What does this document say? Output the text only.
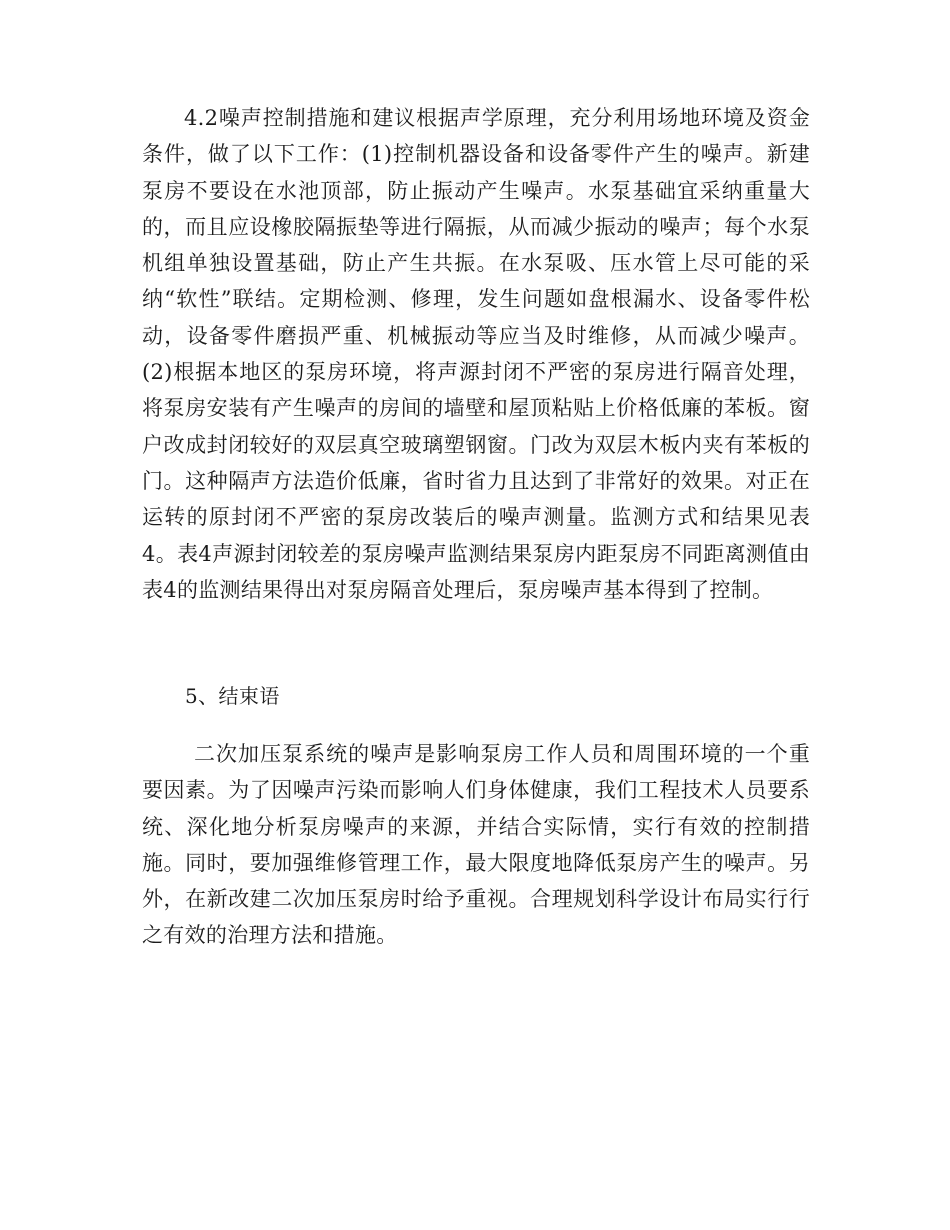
4.2噪声控制措施和建议根据声学原理，充分利用场地环境及资金条件，做了以下工作：(1)控制机器设备和设备零件产生的噪声。新建泵房不要设在水池顶部，防止振动产生噪声。水泵基础宜采纳重量大的，而且应设橡胶隔振垫等进行隔振，从而减少振动的噪声；每个水泵机组单独设置基础，防止产生共振。在水泵吸、压水管上尽可能的采纳“软性”联结。定期检测、修理，发生问题如盘根漏水、设备零件松动，设备零件磨损严重、机械振动等应当及时维修，从而减少噪声。(2)根据本地区的泵房环境，将声源封闭不严密的泵房进行隔音处理，将泵房安装有产生噪声的房间的墙壁和屋顶粘贴上价格低廉的苯板。窗户改成封闭较好的双层真空玻璃塑钢窗。门改为双层木板内夹有苯板的门。这种隔声方法造价低廉，省时省力且达到了非常好的效果。对正在运转的原封闭不严密的泵房改装后的噪声测量。监测方式和结果见表4。表4声源封闭较差的泵房噪声监测结果泵房内距泵房不同距离测值由表4的监测结果得出对泵房隔音处理后，泵房噪声基本得到了控制。

5、结束语

二次加压泵系统的噪声是影响泵房工作人员和周围环境的一个重要因素。为了因噪声污染而影响人们身体健康，我们工程技术人员要系统、深化地分析泵房噪声的来源，并结合实际情，实行有效的控制措施。同时，要加强维修管理工作，最大限度地降低泵房产生的噪声。另外，在新改建二次加压泵房时给予重视。合理规划科学设计布局实行行之有效的治理方法和措施。
